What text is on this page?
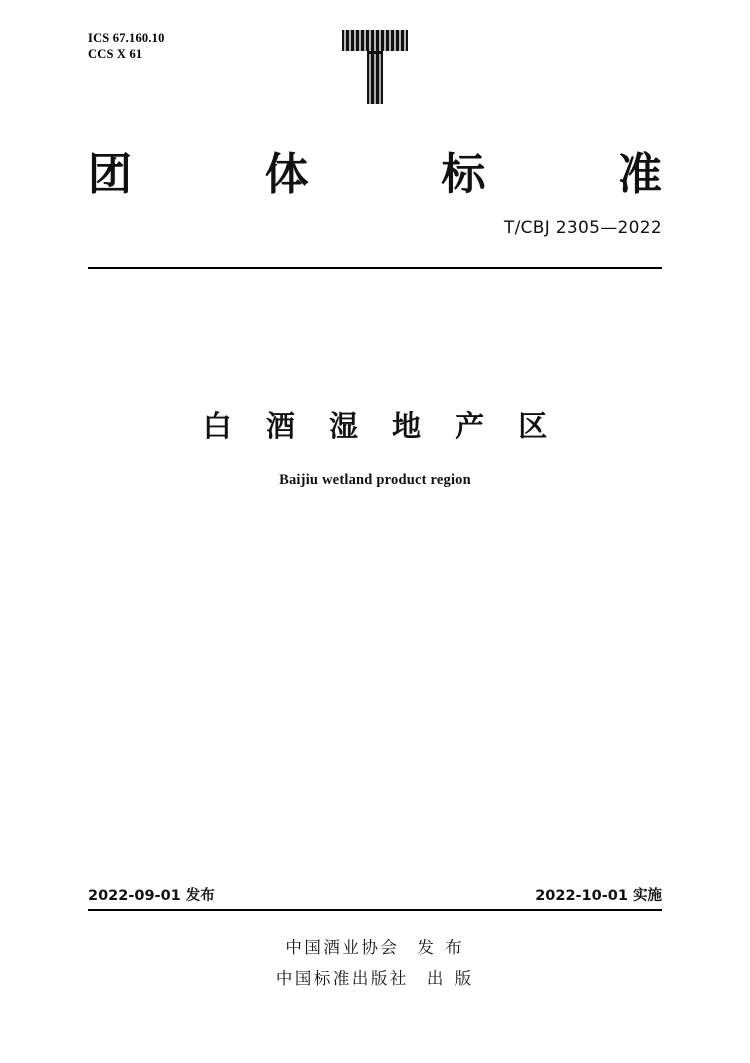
ICS 67.160.10
CCS X 61
团	体	标	准
T/CBJ 2305—2022
白 酒 湿 地 产 区
Baijiu wetland product region
2022-09-01 发布	2022-10-01 实施
中国酒业协会 发 布
中国标准出版社 出 版
